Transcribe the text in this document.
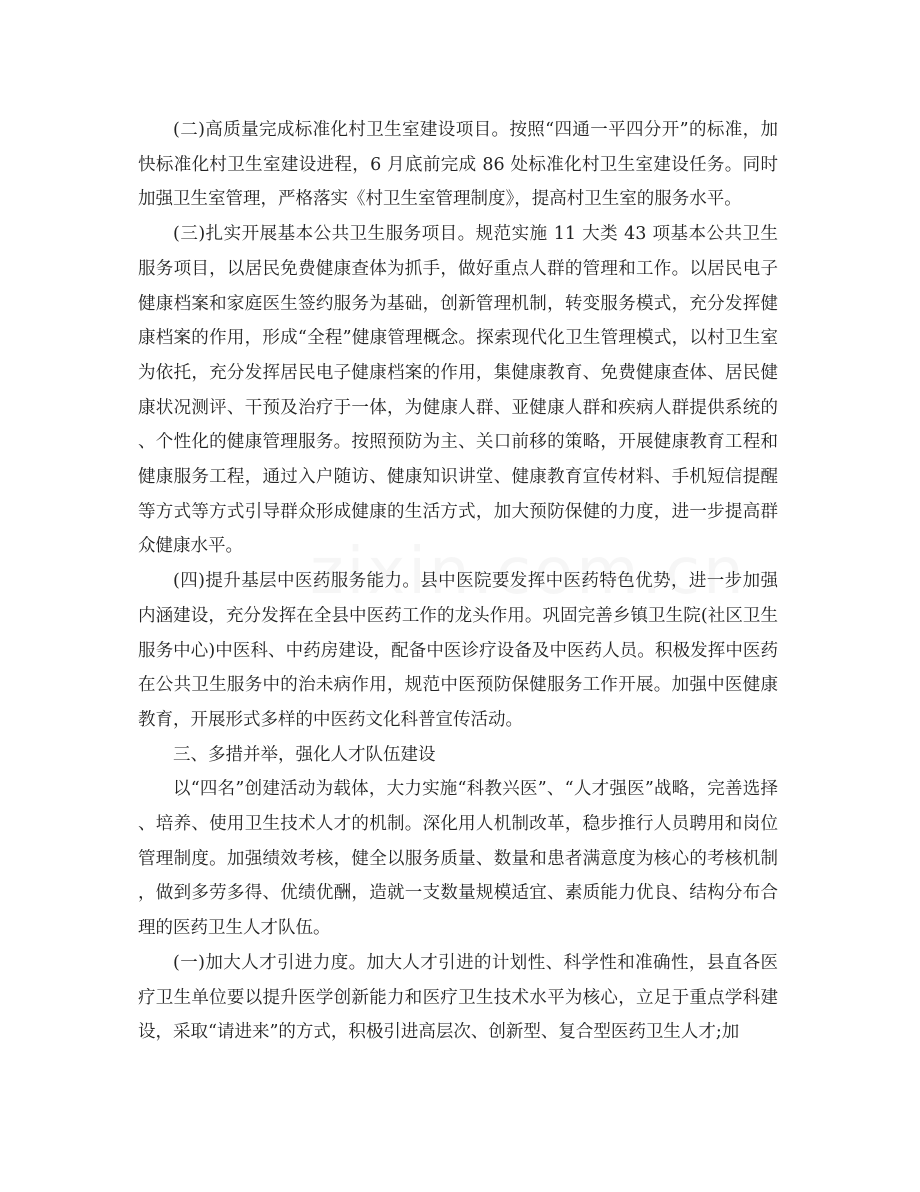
(二)高质量完成标准化村卫生室建设项目。按照“四通一平四分开”的标准，加快标准化村卫生室建设进程，6 月底前完成 86 处标准化村卫生室建设任务。同时加强卫生室管理，严格落实《村卫生室管理制度》，提高村卫生室的服务水平。

(三)扎实开展基本公共卫生服务项目。规范实施 11 大类 43 项基本公共卫生服务项目，以居民免费健康查体为抓手，做好重点人群的管理和工作。以居民电子健康档案和家庭医生签约服务为基础，创新管理机制，转变服务模式，充分发挥健康档案的作用，形成“全程”健康管理概念。探索现代化卫生管理模式，以村卫生室为依托，充分发挥居民电子健康档案的作用，集健康教育、免费健康查体、居民健康状况测评、干预及治疗于一体，为健康人群、亚健康人群和疾病人群提供系统的、个性化的健康管理服务。按照预防为主、关口前移的策略，开展健康教育工程和健康服务工程，通过入户随访、健康知识讲堂、健康教育宣传材料、手机短信提醒等方式等方式引导群众形成健康的生活方式，加大预防保健的力度，进一步提高群众健康水平。

(四)提升基层中医药服务能力。县中医院要发挥中医药特色优势，进一步加强内涵建设，充分发挥在全县中医药工作的龙头作用。巩固完善乡镇卫生院(社区卫生服务中心)中医科、中药房建设，配备中医诊疗设备及中医药人员。积极发挥中医药在公共卫生服务中的治未病作用，规范中医预防保健服务工作开展。加强中医健康教育，开展形式多样的中医药文化科普宣传活动。

三、多措并举，强化人才队伍建设

以“四名”创建活动为载体，大力实施“科教兴医”、“人才强医”战略，完善选择、培养、使用卫生技术人才的机制。深化用人机制改革，稳步推行人员聘用和岗位管理制度。加强绩效考核，健全以服务质量、数量和患者满意度为核心的考核机制，做到多劳多得、优绩优酬，造就一支数量规模适宜、素质能力优良、结构分布合理的医药卫生人才队伍。

(一)加大人才引进力度。加大人才引进的计划性、科学性和准确性，县直各医疗卫生单位要以提升医学创新能力和医疗卫生技术水平为核心，立足于重点学科建设，采取“请进来”的方式，积极引进高层次、创新型、复合型医药卫生人才;加
